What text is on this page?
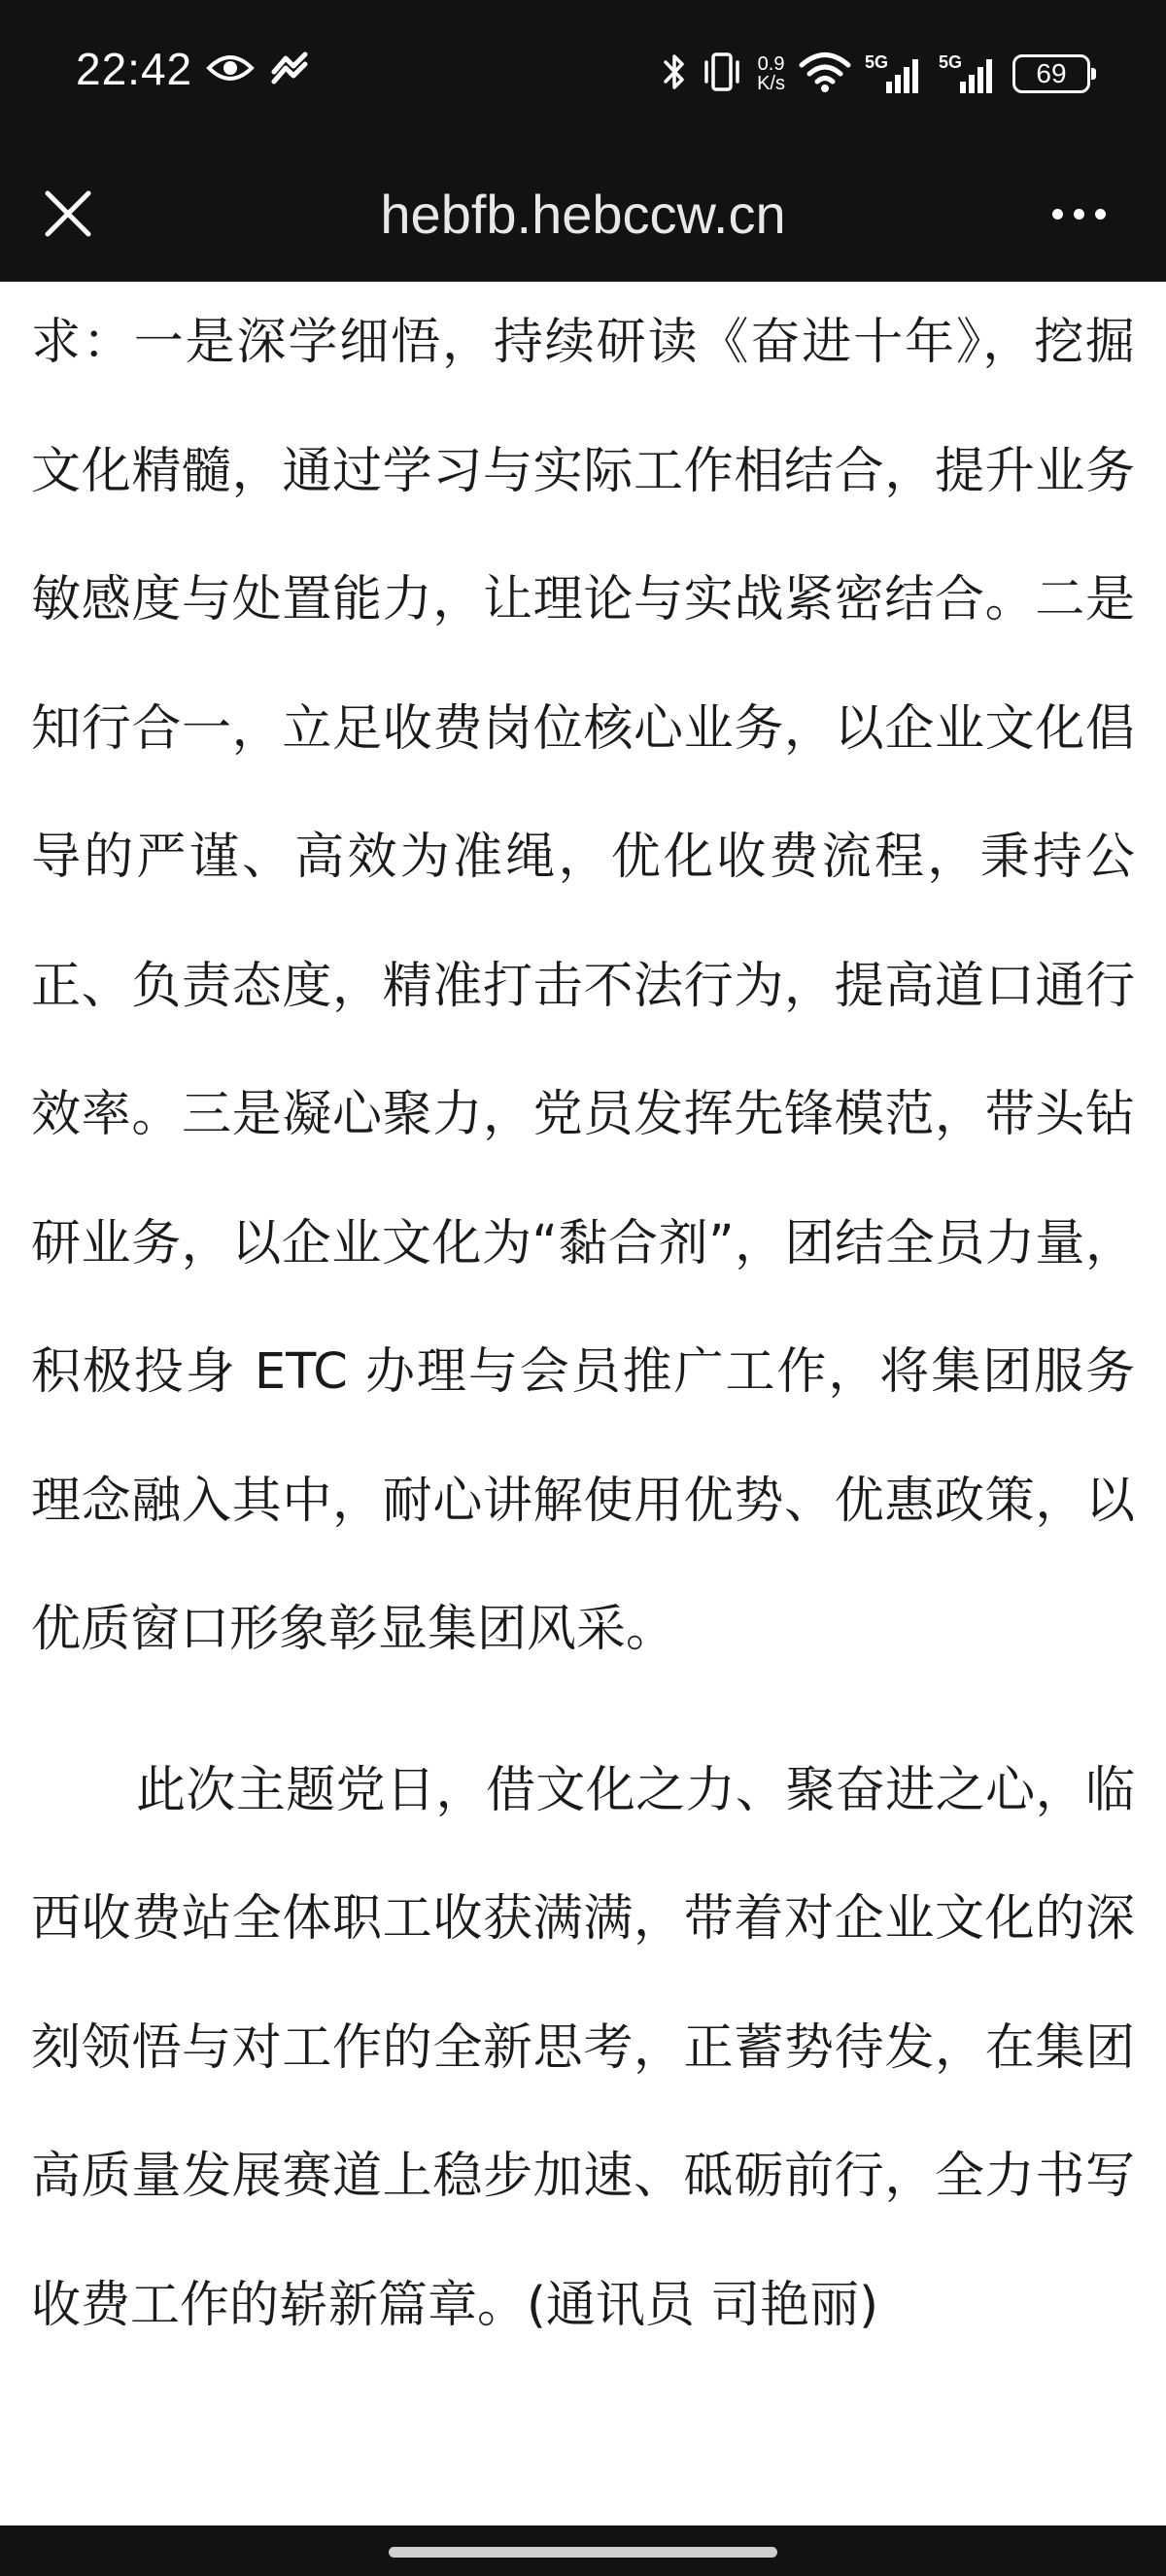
22:42	0.9
K/s
5G	5G	69
hebfb.hebccw.cn

求：一是深学细悟，持续研读《奋进十年》，挖掘文化精髓，通过学习与实际工作相结合，提升业务敏感度与处置能力，让理论与实战紧密结合。二是知行合一，立足收费岗位核心业务，以企业文化倡导的严谨、高效为准绳，优化收费流程，秉持公正、负责态度，精准打击不法行为，提高道口通行效率。三是凝心聚力，党员发挥先锋模范，带头钻研业务，以企业文化为“黏合剂”，团结全员力量，积极投身 ETC 办理与会员推广工作，将集团服务理念融入其中，耐心讲解使用优势、优惠政策，以优质窗口形象彰显集团风采。

此次主题党日，借文化之力、聚奋进之心，临西收费站全体职工收获满满，带着对企业文化的深刻领悟与对工作的全新思考，正蓄势待发，在集团高质量发展赛道上稳步加速、砥砺前行，全力书写收费工作的崭新篇章。(通讯员 司艳丽)
